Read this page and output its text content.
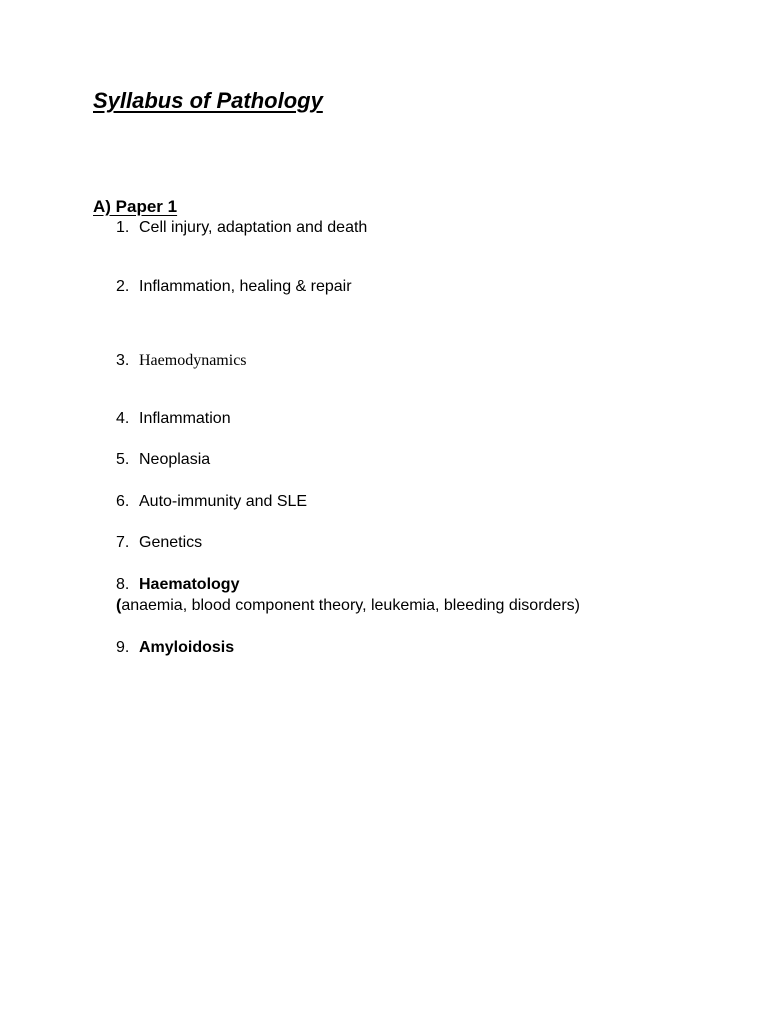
Syllabus of Pathology
A) Paper 1
1. Cell injury, adaptation and death
2. Inflammation, healing & repair
3. Haemodynamics
4. Inflammation
5. Neoplasia
6. Auto-immunity and SLE
7. Genetics
8. Haematology
(anaemia, blood component theory, leukemia, bleeding disorders)
9. Amyloidosis
